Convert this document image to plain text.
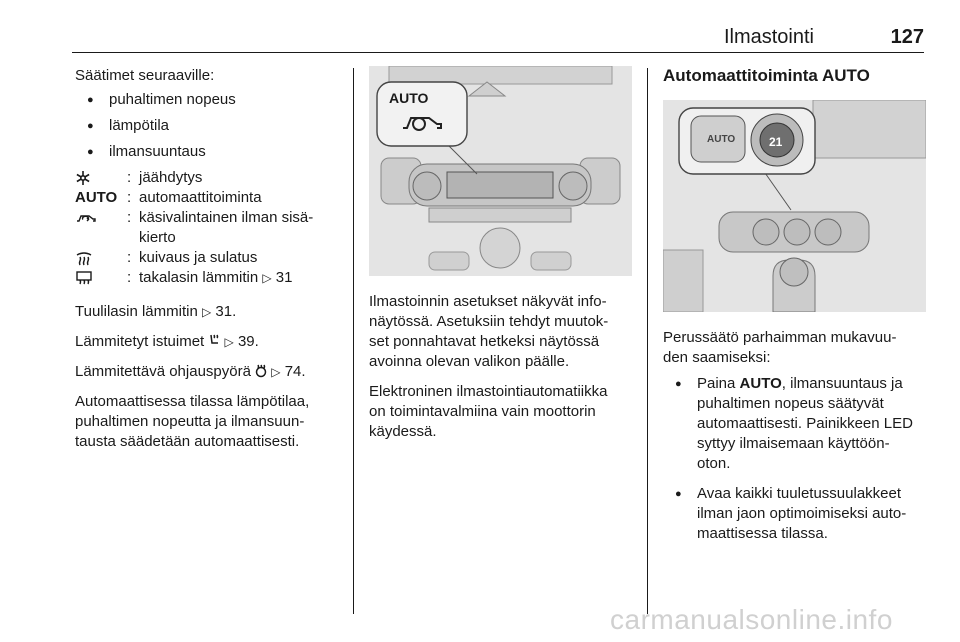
Ilmastointi	127

Säätimet seuraaville:

● puhaltimen nopeus
● lämpötila
● ilmansuuntaus
: jäähdytys
AUTO : automaattitoiminta
: käsivalintainen ilman sisä-
kierto
: kuivaus ja sulatus
: takalasin lämmitin ▷ 31

Tuulilasin lämmitin ▷ 31.

Lämmitetyt istuimet ▷ 39.

Lämmitettävä ohjauspyörä ▷ 74.

Automaattisessa tilassa lämpötilaa, puhaltimen nopeutta ja ilmansuun-
tausta säädetään automaattisesti.

AUTO

Ilmastoinnin asetukset näkyvät info-
näytössä. Asetuksiin tehdyt muutok-
set ponnahtavat hetkeksi näytössä
avoinna olevan valikon päälle.

Elektroninen ilmastointiautomatiikka
on toimintavalmiina vain moottorin
käydessä.

Automaattitoiminta AUTO
AUTO	21

Perussäätö parhaimman mukavuu-
den saamiseksi:

● Paina AUTO, ilmansuuntaus ja
puhaltimen nopeus säätyvät
automaattisesti. Painikkeen LED
syttyy ilmaisemaan käyttöön-
oton.
● Avaa kaikki tuuletussuulakkeet
ilman jaon optimoimiseksi auto-
maattisessa tilassa.
carmanualsonline.info
